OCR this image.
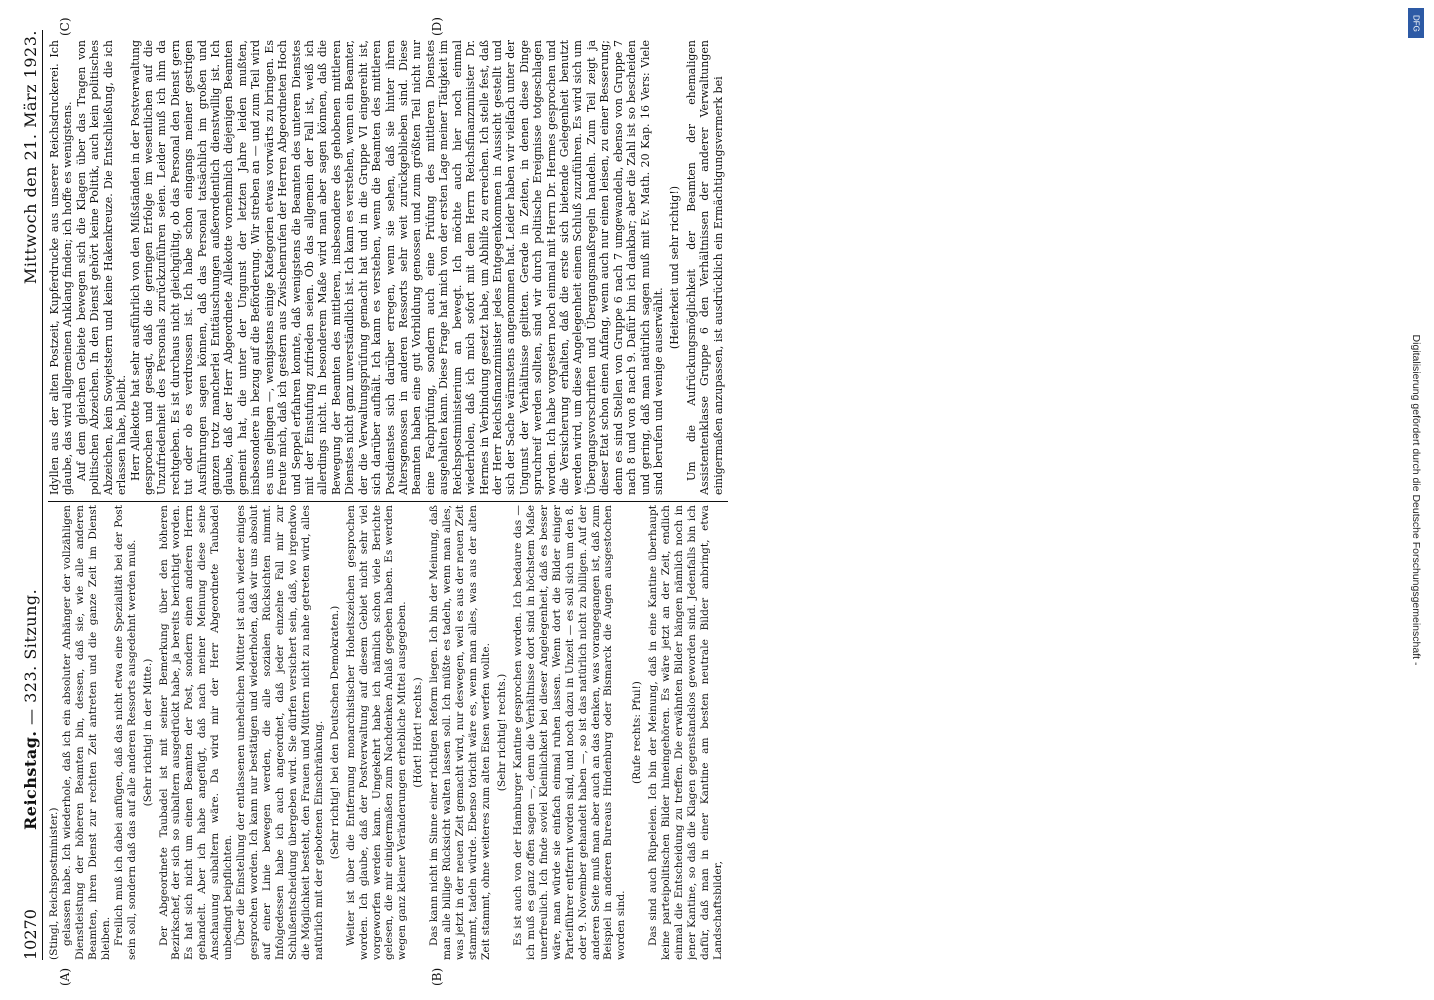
10270
Reichstag. — 323. Sitzung.
Mittwoch den 21. März 1923.
(A)	(B)
(C)	(D)

(Stingl, Reichspostminister.) gelassen habe. Ich wiederhole, daß ich ein absoluter Anhänger der vollzähligen Dienstleistung der höheren Beamten bin, dessen, daß sie, wie alle anderen Beamten, ihren Dienst zur rechten Zeit antreten und die ganze Zeit im Dienst bleiben. Freilich muß ich dabei anfügen, daß das nicht etwa eine Spezialität bei der Post sein soll, sondern daß das auf alle anderen Ressorts ausgedehnt werden muß. (Sehr richtig! in der Mitte.) Der Abgeordnete Taubadel ist mit seiner Bemerkung über den höheren Bezirkschef, der sich so subaltern ausgedrückt habe, ja bereits berichtigt worden. Es hat sich nicht um einen Beamten der Post, sondern einen anderen Herrn gehandelt. Aber ich habe angefügt, daß nach meiner Meinung diese seine Anschauung subaltern wäre. Da wird mir der Herr Abgeordnete Taubadel unbedingt beipflichten. Über die Einstellung der entlassenen unehelichen Mütter ist auch wieder einiges gesprochen worden. Ich kann nur bestätigen und wiederholen, daß wir uns absolut auf einer Linie bewegen werden, die alle sozialen Rücksichten nimmt. Infolgedessen habe ich auch angeordnet, daß jeder einzelne Fall mir zur Schlußentscheidung übergeben wird. Sie dürfen versichert sein, daß, wo irgendwo die Möglichkeit besteht, den Frauen und Müttern nicht zu nahe getreten wird, alles natürlich mit der gebotenen Einschränkung. (Sehr richtig! bei den Deutschen Demokraten.) Weiter ist über die Entfernung monarchistischer Hoheitszeichen gesprochen worden. Ich glaube, daß der Postverwaltung auf diesem Gebiet nicht sehr viel vorgeworfen werden kann. Umgekehrt habe ich nämlich schon viele Berichte gelesen, die mir einigermaßen zum Nachdenken Anlaß gegeben haben. Es werden wegen ganz kleiner Veränderungen erhebliche Mittel ausgegeben. (Hört! Hört! rechts.) Das kann nicht im Sinne einer richtigen Reform liegen. Ich bin der Meinung, daß man alle billige Rücksicht walten lassen soll. Ich müßte es tadeln, wenn man alles, was jetzt in der neuen Zeit gemacht wird, nur deswegen, weil es aus der neuen Zeit stammt, tadeln würde. Ebenso töricht wäre es, wenn man alles, was aus der alten Zeit stammt, ohne weiteres zum alten Eisen werfen wollte. (Sehr richtig! rechts.) Es ist auch von der Hamburger Kantine gesprochen worden. Ich bedaure das — ich muß es ganz offen sagen —, denn die Verhältnisse dort sind in höchstem Maße unerfreulich. Ich finde soviel Kleinlichkeit bei dieser Angelegenheit, daß es besser wäre, man würde sie einfach einmal ruhen lassen. Wenn dort die Bilder einiger Parteiführer entfernt worden sind, und noch dazu in Unzeit — es soll sich um den 8. oder 9. November gehandelt haben —, so ist das natürlich nicht zu billigen. Auf der anderen Seite muß man aber auch an das denken, was vorangegangen ist, daß zum Beispiel in anderen Bureaus Hindenburg oder Bismarck die Augen ausgestochen worden sind.

(Rufe rechts: Pfui!) Das sind auch Rüpeleien. Ich bin der Meinung, daß in eine Kantine überhaupt keine parteipolitischen Bilder hineingehören. Es wäre jetzt an der Zeit, endlich einmal die Entscheidung zu treffen. Die erwähnten Bilder hängen nämlich noch in jener Kantine, so daß die Klagen gegenstandslos geworden sind. Jedenfalls bin ich dafür, daß man in einer Kantine am besten neutrale Bilder anbringt, etwa Landschaftsbilder,

Idyllen aus der alten Postzeit, Kupferdrucke aus unserer Reichsdruckerei. Ich glaube, das wird allgemeinen Anklang finden; ich hoffe es wenigstens. Auf dem gleichen Gebiete bewegen sich die Klagen über das Tragen von politischen Abzeichen. In den Dienst gehört keine Politik, auch kein politisches Abzeichen, kein Sowjetstern und keine Hakenkreuze. Die Entschließung, die ich erlassen habe, bleibt. Herr Allekotte hat sehr ausführlich von den Mißständen in der Postverwaltung gesprochen und gesagt, daß die geringen Erfolge im wesentlichen auf die Unzufriedenheit des Personals zurückzuführen seien. Leider muß ich ihm da rechtgeben. Es ist durchaus nicht gleichgültig, ob das Personal den Dienst gern tut oder ob es verdrossen ist. Ich habe schon eingangs meiner gestrigen Ausführungen sagen können, daß das Personal tatsächlich im großen und ganzen trotz mancherlei Enttäuschungen außerordentlich dienstwillig ist. Ich glaube, daß der Herr Abgeordnete Allekotte vornehmlich diejenigen Beamten gemeint hat, die unter der Ungunst der letzten Jahre leiden mußten, insbesondere in bezug auf die Beförderung. Wir streben an — und zum Teil wird es uns gelingen —, wenigstens einige Kategorien etwas vorwärts zu bringen. Es freute mich, daß ich gestern aus Zwischenrufen der Herren Abgeordneten Hoch und Seppel erfahren konnte, daß wenigstens die Beamten des unteren Dienstes mit der Einstufung zufrieden seien. Ob das allgemein der Fall ist, weiß ich allerdings nicht. In besonderem Maße wird man aber sagen können, daß die Bewegung der Beamten des mittleren, insbesondere des gehobenen mittleren Dienstes nicht ganz unverständlich ist. Ich kann es verstehen, wenn ein Beamter, der die Verwaltungsprüfung gemacht hat und in die Gruppe VI eingereiht ist, sich darüber aufhält. Ich kann es verstehen, wenn die Beamten des mittleren Postdienstes sich darüber erregen, wenn sie sehen, daß sie hinter ihren Altersgenossen in anderen Ressorts sehr weit zurückgeblieben sind. Diese Beamten haben eine gut Vorbildung genossen und zum größten Teil nicht nur eine Fachprüfung, sondern auch eine Prüfung des mittleren Dienstes ausgehalten kann. Diese Frage hat mich von der ersten Lage meiner Tätigkeit im Reichspostministerium an bewegt. Ich möchte auch hier noch einmal wiederholen, daß ich mich sofort mit dem Herrn Reichsfinanzminister Dr. Hermes in Verbindung gesetzt habe, um Abhilfe zu erreichen. Ich stelle fest, daß der Herr Reichsfinanzminister jedes Entgegenkommen in Aussicht gestellt und sich der Sache wärmstens angenommen hat. Leider haben wir vielfach unter der Ungunst der Verhältnisse gelitten. Gerade in Zeiten, in denen diese Dinge spruchreif werden sollten, sind wir durch politische Ereignisse totgeschlagen worden. Ich habe vorgestern noch einmal mit Herrn Dr. Hermes gesprochen und die Versicherung erhalten, daß die erste sich bietende Gelegenheit benutzt werden wird, um diese Angelegenheit einem Schluß zuzuführen. Es wird sich um Übergangsvorschriften und Übergangsmaßregeln handeln. Zum Teil zeigt ja dieser Etat schon einen Anfang, wenn auch nur einen leisen, zu einer Besserung; denn es sind Stellen von Gruppe 6 nach 7 umgewandeln, ebenso von Gruppe 7 nach 8 und von 8 nach 9. Dafür bin ich dankbar; aber die Zahl ist so bescheiden und gering, daß man natürlich sagen muß mit Ev. Math. 20 Kap. 16 Vers: Viele sind berufen und wenige auserwählt.

(Heiterkeit und sehr richtig!) Um die Aufrückungsmöglichkeit der Beamten der ehemaligen Assistentenklasse Gruppe 6 den Verhältnissen der anderer Verwaltungen einigermaßen anzupassen, ist ausdrücklich ein Ermächtigungsvermerk bei

Digitalisierung gefördert durch die Deutsche Forschungsgemeinschaft -
DFG
